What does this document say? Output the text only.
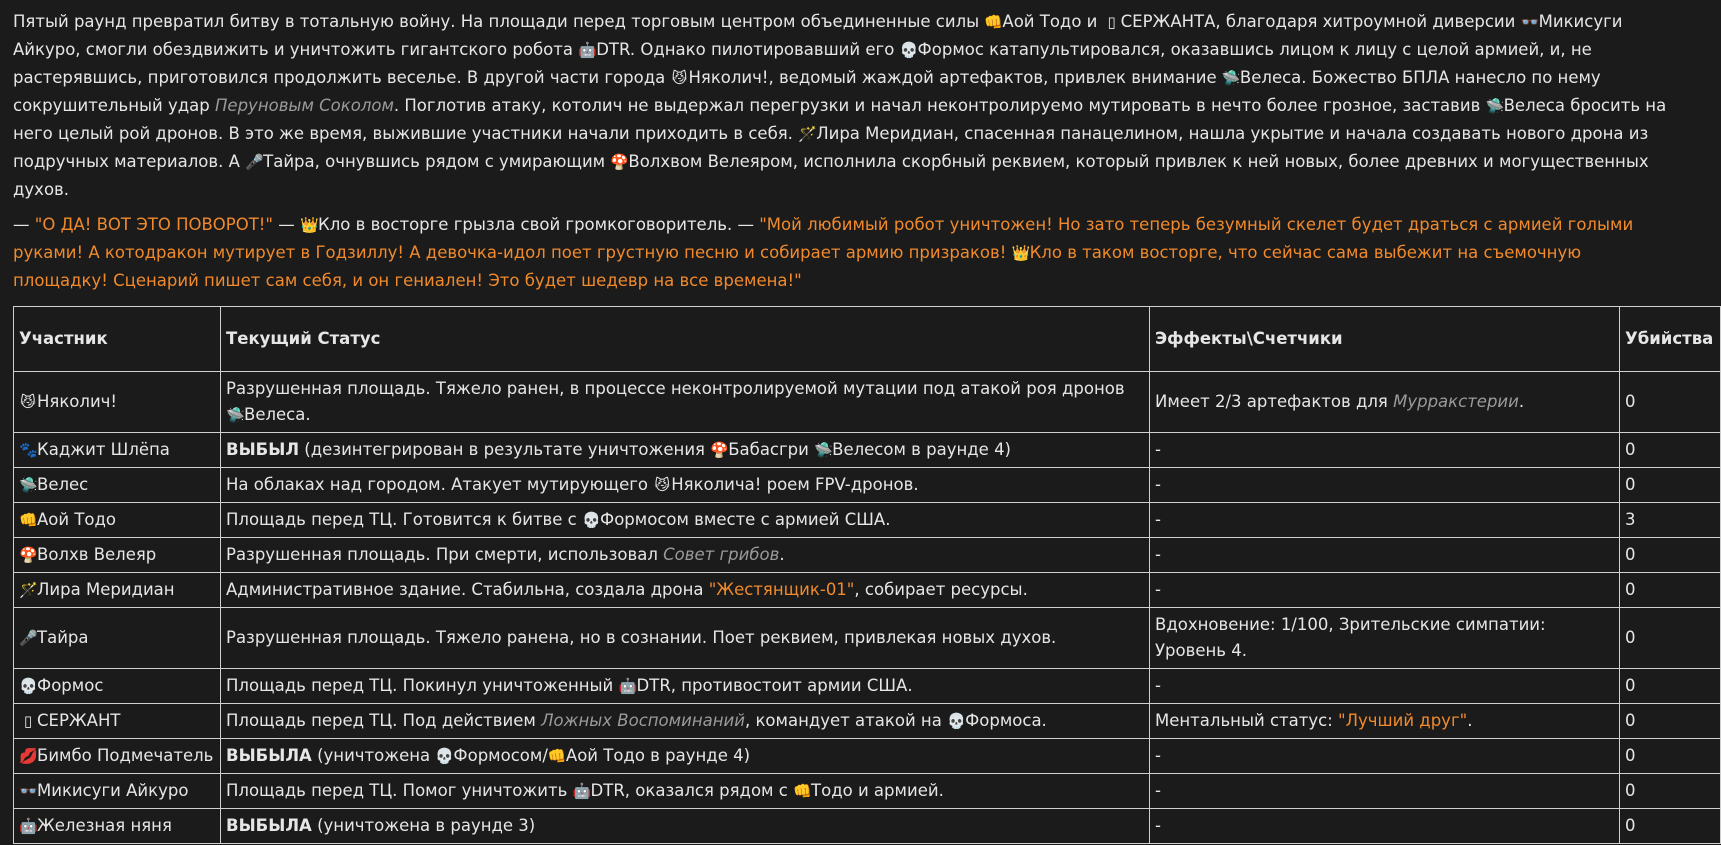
Пятый раунд превратил битву в тотальную войну. На площади перед торговым центром объединенные силы 👊Аой Тодо и ▯ СЕРЖАНТА, благодаря хитроумной диверсии 👓Микисуги Айкуро, смогли обездвижить и уничтожить гигантского робота 🤖DTR. Однако пилотировавший его 💀Формос катапультировался, оказавшись лицом к лицу с целой армией, и, не растерявшись, приготовился продолжить веселье. В другой части города 😼Няколич!, ведомый жаждой артефактов, привлек внимание 🛸Велеса. Божество БПЛА нанесло по нему сокрушительный удар Перуновым Соколом. Поглотив атаку, котолич не выдержал перегрузки и начал неконтролируемо мутировать в нечто более грозное, заставив 🛸Велеса бросить на него целый рой дронов. В это же время, выжившие участники начали приходить в себя. 🪄Лира Меридиан, спасенная панацелином, нашла укрытие и начала создавать нового дрона из подручных материалов. А 🎤Тайра, очнувшись рядом с умирающим 🍄Волхвом Велеяром, исполнила скорбный реквием, который привлек к ней новых, более древних и могущественных духов.

— "О ДА! ВОТ ЭТО ПОВОРОТ!" — 👑Кло в восторге грызла свой громкоговоритель. — "Мой любимый робот уничтожен! Но зато теперь безумный скелет будет драться с армией голыми руками! А котодракон мутирует в Годзиллу! А девочка-идол поет грустную песню и собирает армию призраков! 👑Кло в таком восторге, что сейчас сама выбежит на съемочную площадку! Сценарий пишет сам себя, и он гениален! Это будет шедевр на все времена!"

Участник	Текущий Статус	Эффекты\Счетчики	Убийства
😼Няколич!	Разрушенная площадь. Тяжело ранен, в процессе неконтролируемой мутации под атакой роя дронов 🛸Велеса.	Имеет 2/3 артефактов для Мурракстерии.	0
🐾Каджит Шлёпа	ВЫБЫЛ (дезинтегрирован в результате уничтожения 🍄Бабасгри 🛸Велесом в раунде 4)	-	0
🛸Велес	На облаках над городом. Атакует мутирующего 😼Няколича! роем FPV-дронов.	-	0
👊Аой Тодо	Площадь перед ТЦ. Готовится к битве с 💀Формосом вместе с армией США.	-	3
🍄Волхв Велеяр	Разрушенная площадь. При смерти, использовал Совет грибов.	-	0
🪄Лира Меридиан	Административное здание. Стабильна, создала дрона "Жестянщик-01", собирает ресурсы.	-	0
🎤Тайра	Разрушенная площадь. Тяжело ранена, но в сознании. Поет реквием, привлекая новых духов.	Вдохновение: 1/100, Зрительские симпатии: Уровень 4.	0
💀Формос	Площадь перед ТЦ. Покинул уничтоженный 🤖DTR, противостоит армии США.	-	0
▯ СЕРЖАНТ	Площадь перед ТЦ. Под действием Ложных Воспоминаний, командует атакой на 💀Формоса.	Ментальный статус: "Лучший друг".	0
💋Бимбо Подмечатель	ВЫБЫЛА (уничтожена 💀Формосом/👊Аой Тодо в раунде 4)	-	0
👓Микисуги Айкуро	Площадь перед ТЦ. Помог уничтожить 🤖DTR, оказался рядом с 👊Тодо и армией.	-	0
🤖Железная няня	ВЫБЫЛА (уничтожена в раунде 3)	-	0
